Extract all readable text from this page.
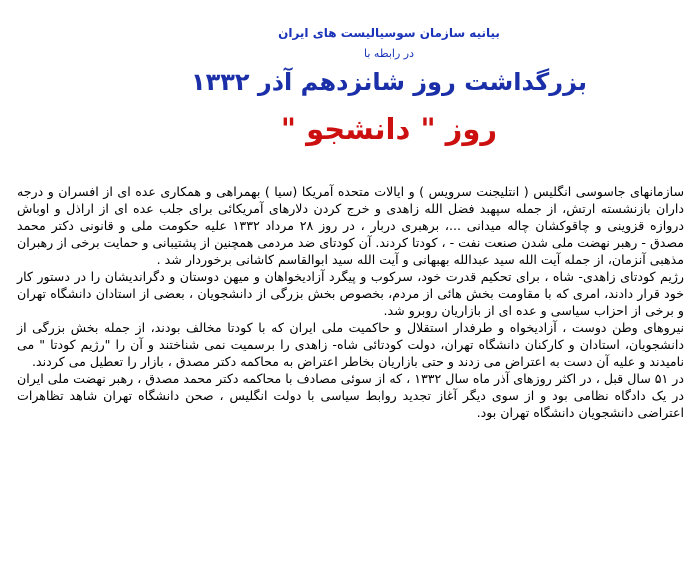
بیانیه سازمان سوسیالیست های ایران
در رابطه با
بزرگداشت روز شانزدهم آذر ۱۳۳۲
روز " دانشجو "

سازمانهای جاسوسی انگلیس ( انتلیجنت سرویس ) و ایالات متحده آمریکا (سیا ) بهمراهی و همکاری عده ای از افسران و درجه داران بازنشسته ارتش، از جمله سپهبد فضل الله زاهدی و خرج کردن دلارهای آمریکائی برای جلب عده ای از اراذل و اوباش دروازه قزوینی و چاقوکشان چاله میدانی ...، برهبری دربار ، در روز ۲۸ مرداد ۱۳۳۲ علیه حکومت ملی و قانونی دکتر محمد مصدق - رهبر نهضت ملی شدن صنعت نفت - ، کودتا کردند. آن کودتای ضد مردمی همچنین از پشتیبانی و حمایت برخی از رهبران مذهبی آنزمان، از جمله آیت الله سید عبدالله بهبهانی و آیت الله سید ابوالقاسم کاشانی برخوردار شد .

رژیم کودتای زاهدی- شاه ، برای تحکیم قدرت خود، سرکوب و پیگرد آزادیخواهان و میهن دوستان و دگراندیشان را در دستور کار خود قرار دادند، امری که با مقاومت بخش هائی از مردم، بخصوص بخش بزرگی از دانشجویان ، بعضی از استادان دانشگاه تهران و برخی از احزاب سیاسی و عده ای از بازاریان روبرو شد.

نیروهای وطن دوست ، آزادیخواه و طرفدار استقلال و حاکمیت ملی ایران که با کودتا مخالف بودند، از جمله بخش بزرگی از دانشجویان، استادان و کارکنان دانشگاه تهران، دولت کودتائی شاه- زاهدی را برسمیت نمی شناختند و آن را "رژیم کودتا " می نامیدند و علیه آن دست به اعتراض می زدند و حتی بازاریان بخاطر اعتراض به محاکمه دکتر مصدق ، بازار را تعطیل می کردند.

در ۵۱ سال قبل ، در اکثر روزهای آذر ماه سال ۱۳۳۲ ، که از سوئی مصادف با محاکمه دکتر محمد مصدق ، رهبر نهضت ملی ایران در یک دادگاه نظامی بود و از سوی دیگر آغاز تجدید روابط سیاسی با دولت انگلیس ، صحن دانشگاه تهران شاهد تظاهرات اعتراضی دانشجویان دانشگاه تهران بود.
